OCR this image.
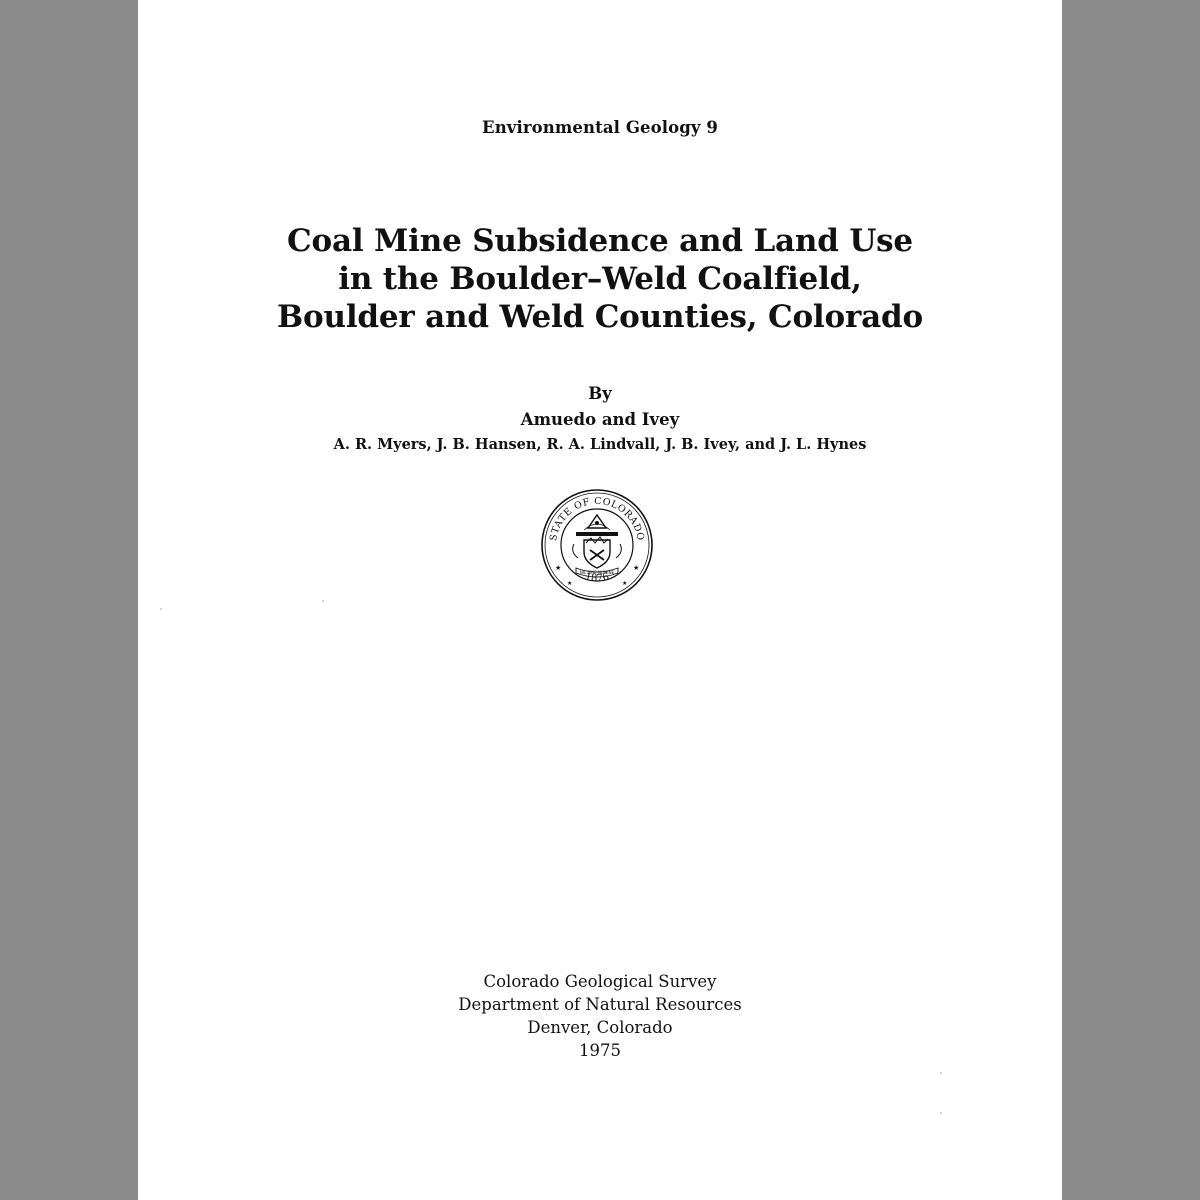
Environmental Geology 9
Coal Mine Subsidence and Land Use
in the Boulder–Weld Coalfield,
Boulder and Weld Counties, Colorado
By
Amuedo and Ivey
A. R. Myers, J. B. Hansen, R. A. Lindvall, J. B. Ivey, and J. L. Hynes
STATE OF COLORADO
1876
★	★
★	★
NIL SINE NUMINE
Colorado Geological Survey
Department of Natural Resources
Denver, Colorado
1975
